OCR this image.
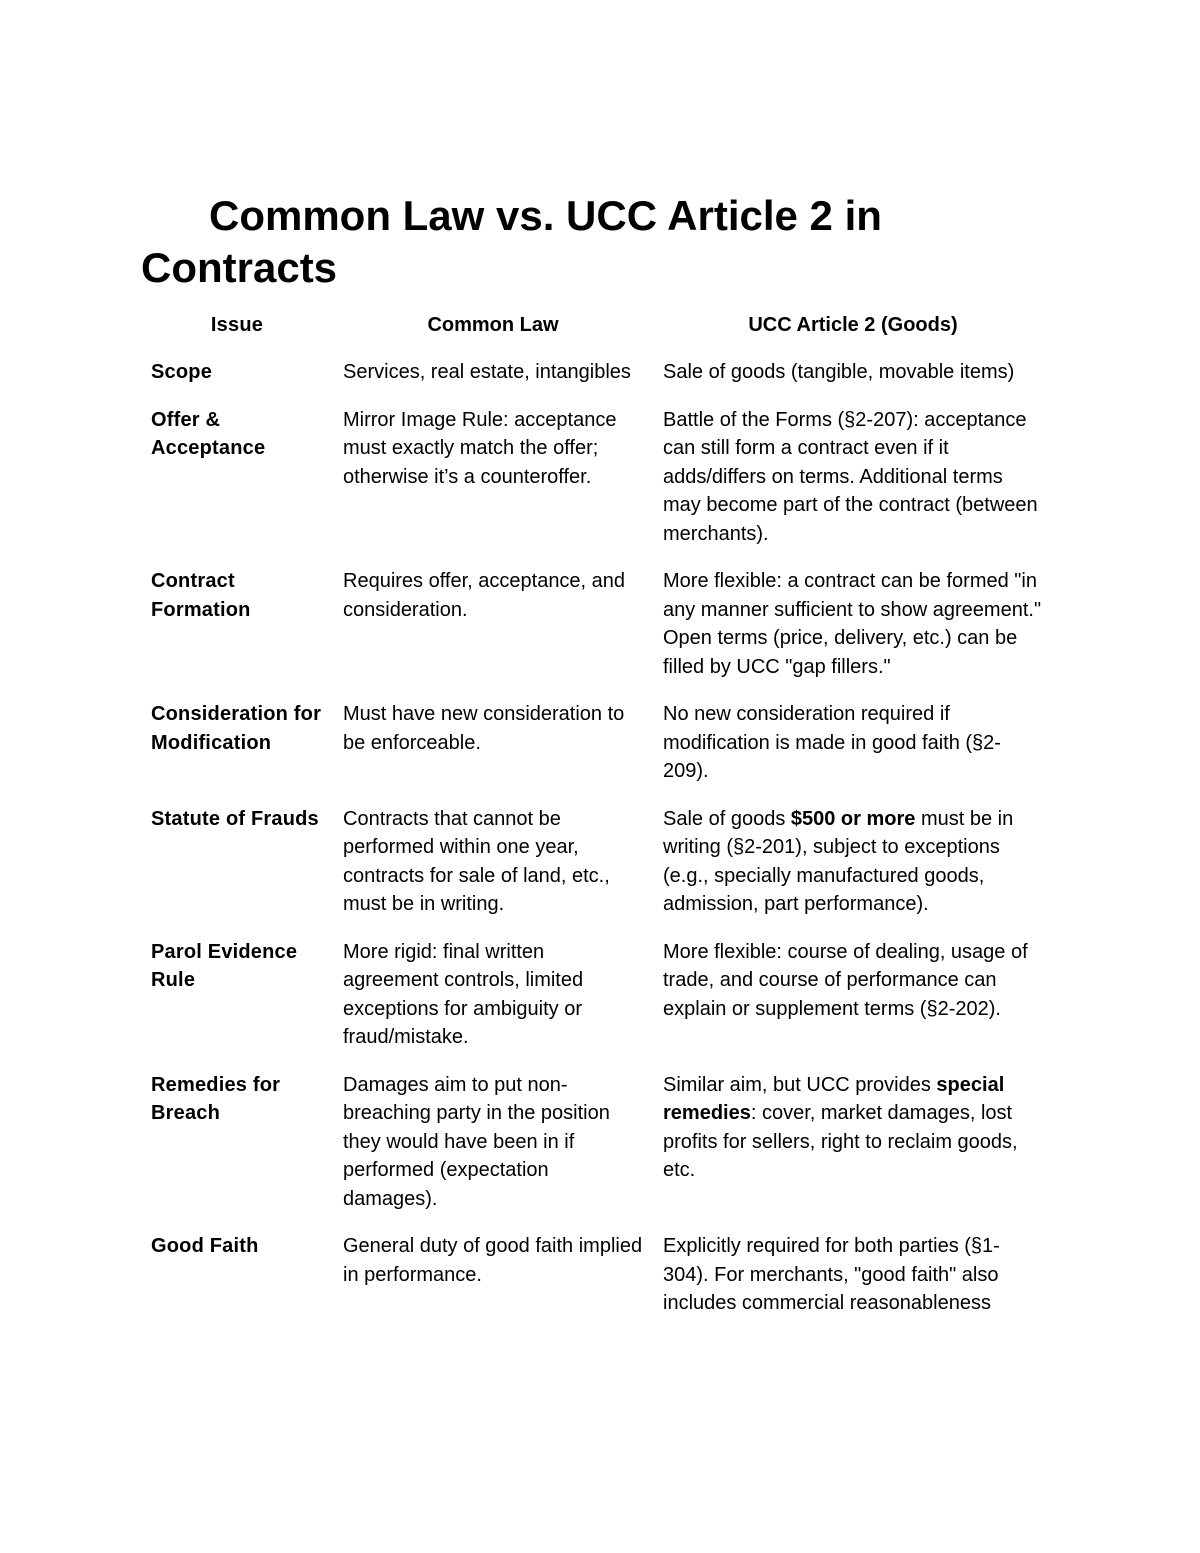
Common Law vs. UCC Article 2 in Contracts
Issue	Common Law	UCC Article 2 (Goods)
Scope	Services, real estate, intangibles	Sale of goods (tangible, movable items)
Offer & Acceptance	Mirror Image Rule: acceptance must exactly match the offer; otherwise it’s a counteroffer.	Battle of the Forms (§2-207): acceptance can still form a contract even if it adds/differs on terms. Additional terms may become part of the contract (between merchants).
Contract Formation	Requires offer, acceptance, and consideration.	More flexible: a contract can be formed "in any manner sufficient to show agreement." Open terms (price, delivery, etc.) can be filled by UCC "gap fillers."
Consideration for Modification	Must have new consideration to be enforceable.	No new consideration required if modification is made in good faith (§2-209).
Statute of Frauds	Contracts that cannot be performed within one year, contracts for sale of land, etc., must be in writing.	Sale of goods $500 or more must be in writing (§2-201), subject to exceptions (e.g., specially manufactured goods, admission, part performance).
Parol Evidence Rule	More rigid: final written agreement controls, limited exceptions for ambiguity or fraud/mistake.	More flexible: course of dealing, usage of trade, and course of performance can explain or supplement terms (§2-202).
Remedies for Breach	Damages aim to put non-breaching party in the position they would have been in if performed (expectation damages).	Similar aim, but UCC provides special remedies: cover, market damages, lost profits for sellers, right to reclaim goods, etc.
Good Faith	General duty of good faith implied in performance.	Explicitly required for both parties (§1-304). For merchants, "good faith" also includes commercial reasonableness
